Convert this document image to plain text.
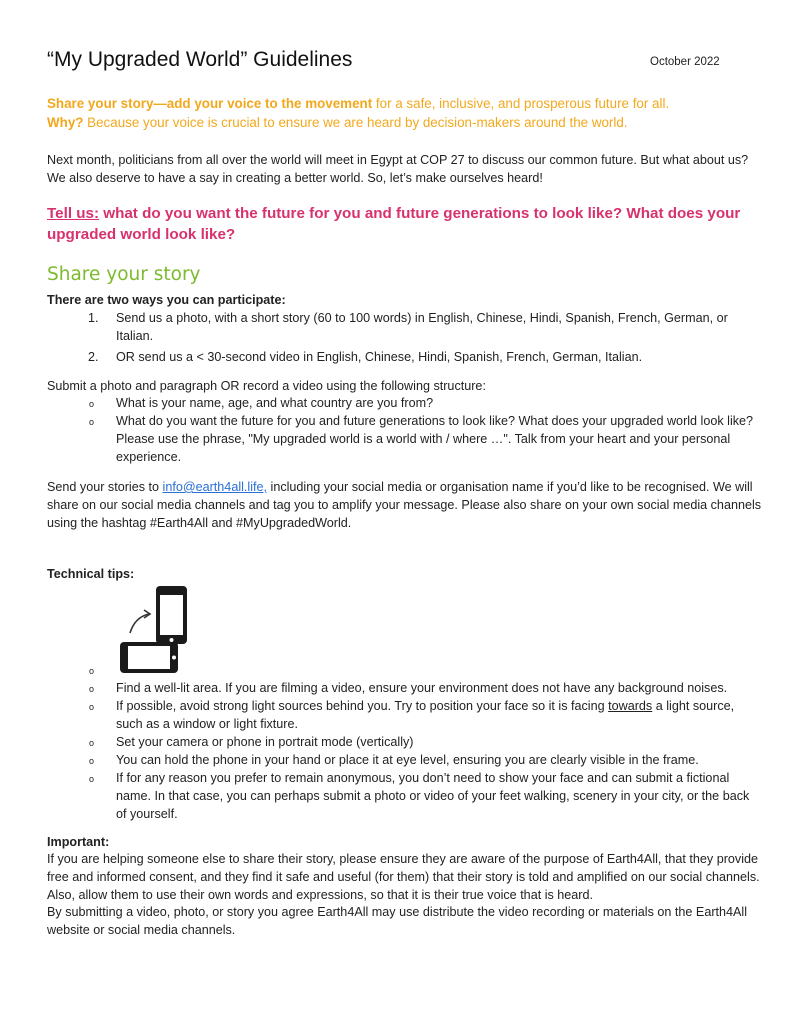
“My Upgraded World” Guidelines	October 2022
Share your story—add your voice to the movement for a safe, inclusive, and prosperous future for all.
Why? Because your voice is crucial to ensure we are heard by decision-makers around the world.
Next month, politicians from all over the world will meet in Egypt at COP 27 to discuss our common future. But what about us? We also deserve to have a say in creating a better world. So, let’s make ourselves heard!
Tell us: what do you want the future for you and future generations to look like? What does your upgraded world look like?
Share your story
There are two ways you can participate:
1. Send us a photo, with a short story (60 to 100 words) in English, Chinese, Hindi, Spanish, French, German, or Italian.
2. OR send us a < 30-second video in English, Chinese, Hindi, Spanish, French, German, Italian.
Submit a photo and paragraph OR record a video using the following structure:
o What is your name, age, and what country are you from?
o What do you want the future for you and future generations to look like? What does your upgraded world look like? Please use the phrase, "My upgraded world is a world with / where …". Talk from your heart and your personal experience.
Send your stories to info@earth4all.life, including your social media or organisation name if you’d like to be recognised. We will share on our social media channels and tag you to amplify your message. Please also share on your own social media channels using the hashtag #Earth4All and #MyUpgradedWorld.
Technical tips:
o
o Find a well-lit area. If you are filming a video, ensure your environment does not have any background noises.
o If possible, avoid strong light sources behind you. Try to position your face so it is facing towards a light source, such as a window or light fixture.
o Set your camera or phone in portrait mode (vertically)
o You can hold the phone in your hand or place it at eye level, ensuring you are clearly visible in the frame.
o If for any reason you prefer to remain anonymous, you don’t need to show your face and can submit a fictional name. In that case, you can perhaps submit a photo or video of your feet walking, scenery in your city, or the back of yourself.
Important:
If you are helping someone else to share their story, please ensure they are aware of the purpose of Earth4All, that they provide free and informed consent, and they find it safe and useful (for them) that their story is told and amplified on our social channels. Also, allow them to use their own words and expressions, so that it is their true voice that is heard.
By submitting a video, photo, or story you agree Earth4All may use distribute the video recording or materials on the Earth4All website or social media channels.
